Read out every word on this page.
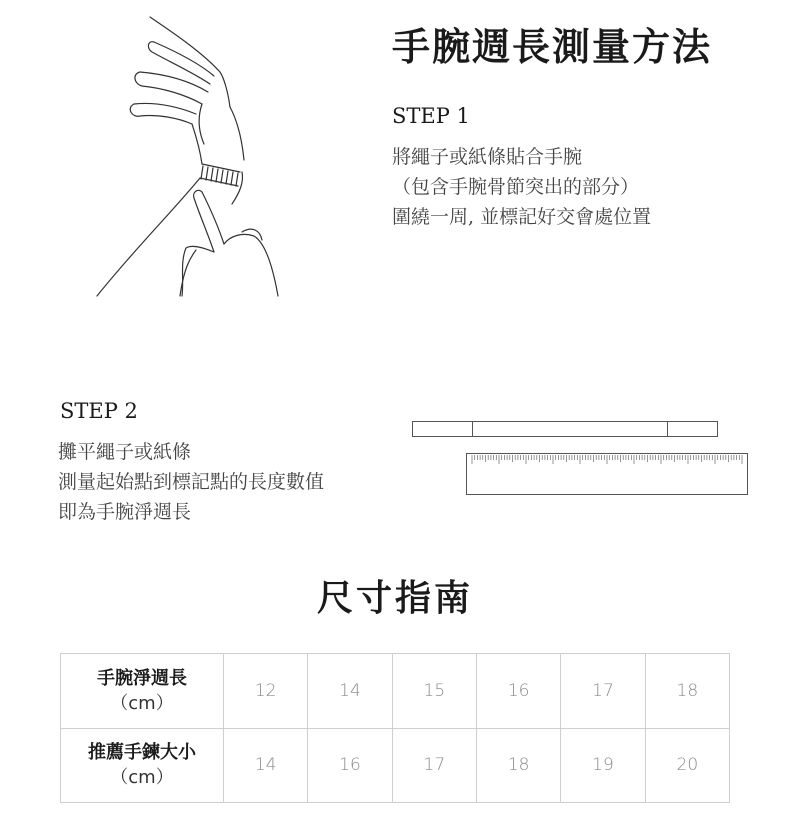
手腕週長測量方法

STEP 1

將繩子或紙條貼合手腕
（包含手腕骨節突出的部分）
圍繞一周, 並標記好交會處位置

STEP 2

攤平繩子或紙條
測量起始點到標記點的長度數值
即為手腕淨週長
尺寸指南
手腕淨週長
（cm）	12	14	15	16	17	18
推薦手鍊大小
（cm）	14	16	17	18	19	20
